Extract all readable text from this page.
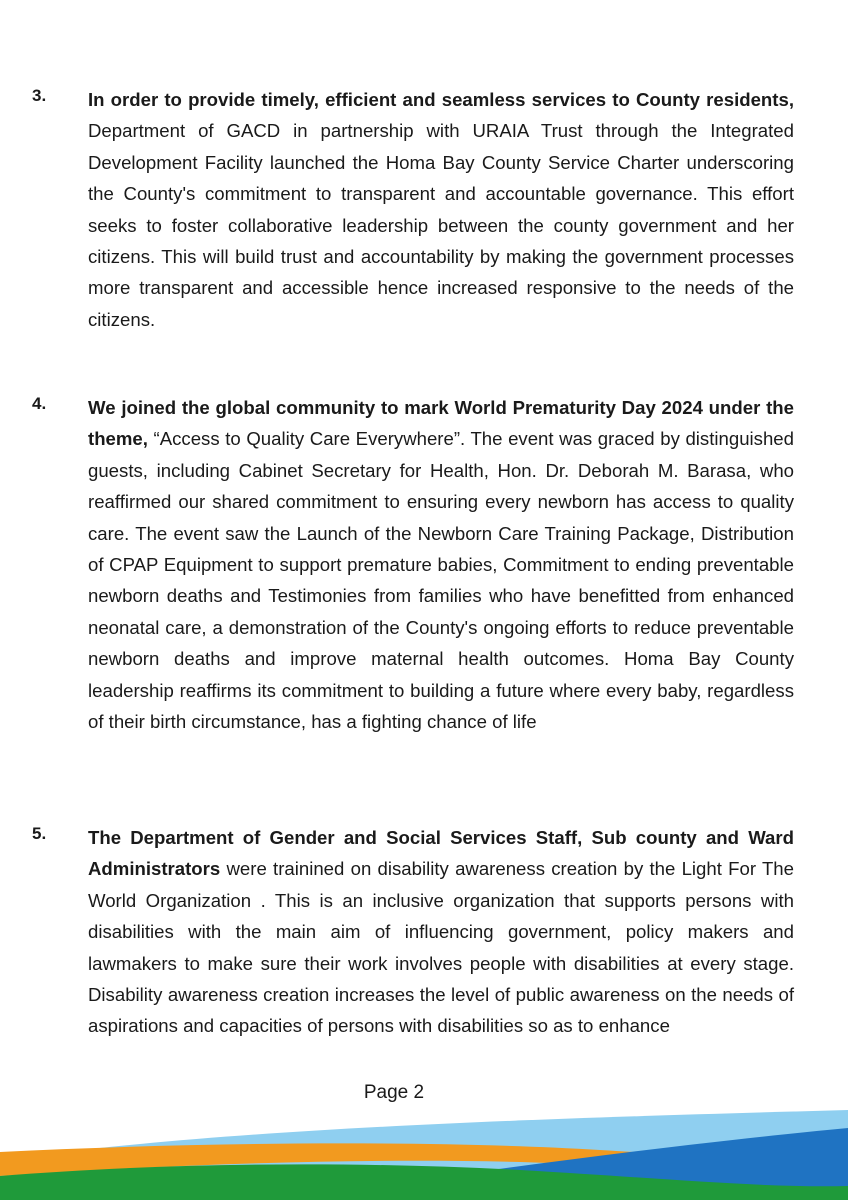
3. In order to provide timely, efficient and seamless services to County residents, Department of GACD in partnership with URAIA Trust through the Integrated Development Facility launched the Homa Bay County Service Charter underscoring the County's commitment to transparent and accountable governance. This effort seeks to foster collaborative leadership between the county government and her citizens. This will build trust and accountability by making the government processes more transparent and accessible hence increased responsive to the needs of the citizens.
4. We joined the global community to mark World Prematurity Day 2024 under the theme, “Access to Quality Care Everywhere”. The event was graced by distinguished guests, including Cabinet Secretary for Health, Hon. Dr. Deborah M. Barasa, who reaffirmed our shared commitment to ensuring every newborn has access to quality care. The event saw the Launch of the Newborn Care Training Package, Distribution of CPAP Equipment to support premature babies, Commitment to ending preventable newborn deaths and Testimonies from families who have benefitted from enhanced neonatal care, a demonstration of the County's ongoing efforts to reduce preventable newborn deaths and improve maternal health outcomes. Homa Bay County leadership reaffirms its commitment to building a future where every baby, regardless of their birth circumstance, has a fighting chance of life
5. The Department of Gender and Social Services Staff, Sub county and Ward Administrators were trainined on disability awareness creation by the Light For The World Organization . This is an inclusive organization that supports persons with disabilities with the main aim of influencing government, policy makers and lawmakers to make sure their work involves people with disabilities at every stage. Disability awareness creation increases the level of public awareness on the needs of aspirations and capacities of persons with disabilities so as to enhance
Page 2
